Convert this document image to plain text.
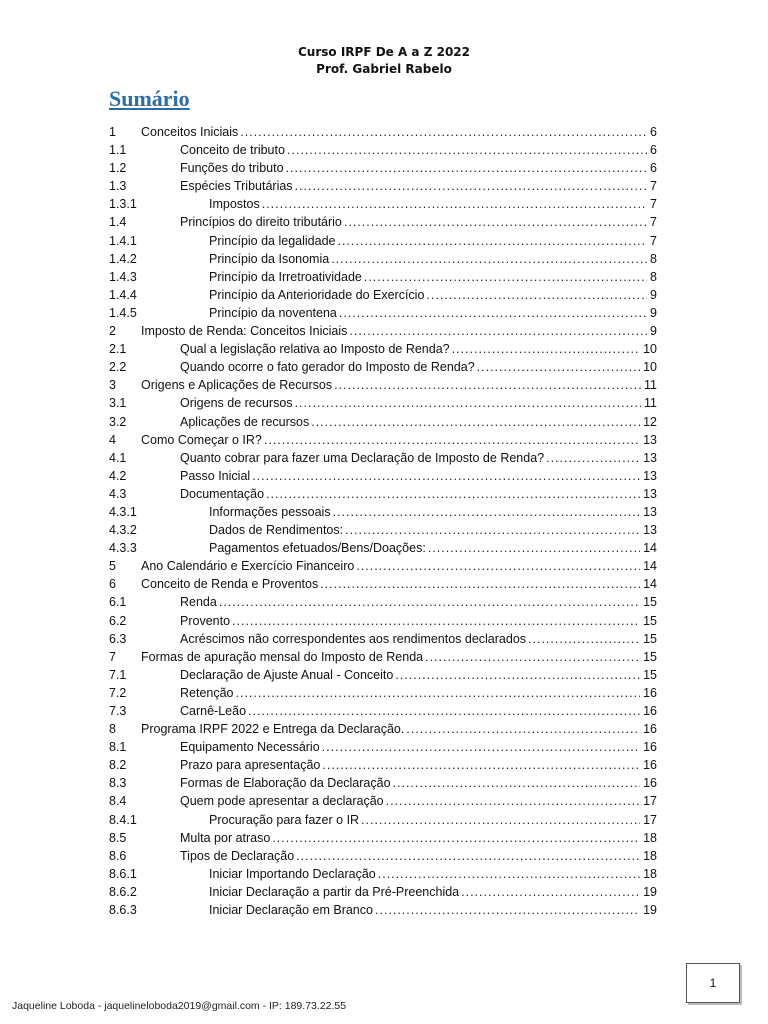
Curso IRPF De A a Z 2022
Prof. Gabriel Rabelo
Sumário
1 Conceitos Iniciais .....	6
1.1	Conceito de tributo .....	6
1.2	Funções do tributo .....	6
1.3	Espécies Tributárias .....	7
1.3.1	Impostos .....	7
1.4	Princípios do direito tributário .....	7
1.4.1	Princípio da legalidade .....	7
1.4.2	Princípio da Isonomia .....	8
1.4.3	Princípio da Irretroatividade .....	8
1.4.4	Princípio da Anterioridade do Exercício .....	9
1.4.5	Princípio da noventena .....	9
2 Imposto de Renda: Conceitos Iniciais .....	9
2.1	Qual a legislação relativa ao Imposto de Renda? .....	10
2.2	Quando ocorre o fato gerador do Imposto de Renda? .....	10
3 Origens e Aplicações de Recursos .....	11
3.1	Origens de recursos .....	11
3.2	Aplicações de recursos .....	12
4 Como Começar o IR? .....	13
4.1	Quanto cobrar para fazer uma Declaração de Imposto de Renda? .....	13
4.2	Passo Inicial .....	13
4.3	Documentação .....	13
4.3.1	Informações pessoais .....	13
4.3.2	Dados de Rendimentos: .....	13
4.3.3	Pagamentos efetuados/Bens/Doações: .....	14
5 Ano Calendário e Exercício Financeiro .....	14
6 Conceito de Renda e Proventos .....	14
6.1	Renda .....	15
6.2	Provento .....	15
6.3	Acréscimos não correspondentes aos rendimentos declarados .....	15
7 Formas de apuração mensal do Imposto de Renda .....	15
7.1	Declaração de Ajuste Anual - Conceito .....	15
7.2	Retenção .....	16
7.3	Carnê-Leão .....	16
8 Programa IRPF 2022 e Entrega da Declaração. .....	16
8.1	Equipamento Necessário .....	16
8.2	Prazo para apresentação .....	16
8.3	Formas de Elaboração da Declaração .....	16
8.4	Quem pode apresentar a declaração .....	17
8.4.1	Procuração para fazer o IR .....	17
8.5	Multa por atraso .....	18
8.6	Tipos de Declaração .....	18
8.6.1	Iniciar Importando Declaração .....	18
8.6.2	Iniciar Declaração a partir da Pré-Preenchida .....	19
8.6.3	Iniciar Declaração em Branco .....	19
1
Jaqueline Loboda - jaquelineloboda2019@gmail.com - IP: 189.73.22.55
